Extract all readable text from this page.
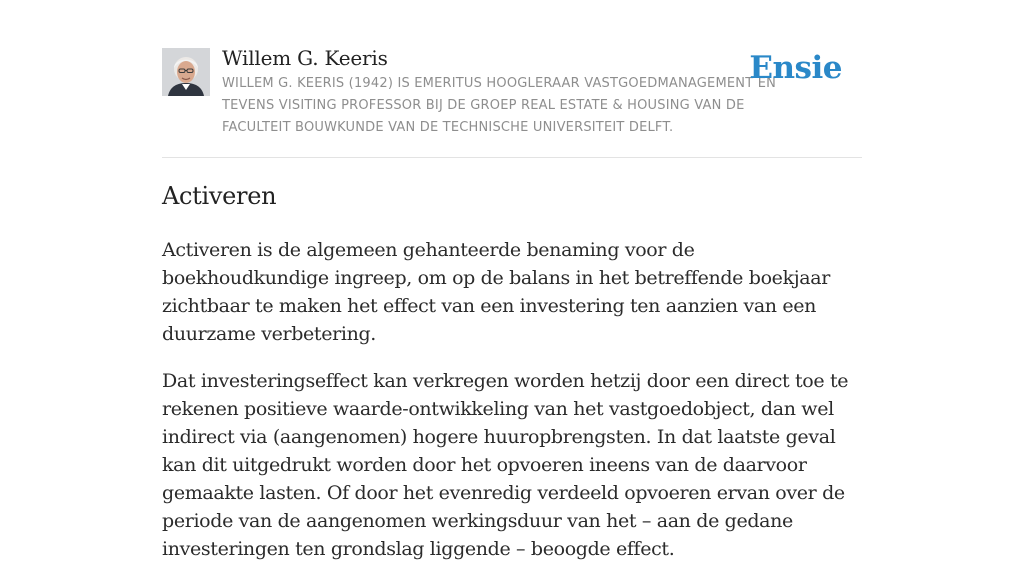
Willem G. Keeris

WILLEM G. KEERIS (1942) IS EMERITUS HOOGLERAAR VASTGOEDMANAGEMENT EN TEVENS VISITING PROFESSOR BIJ DE GROEP REAL ESTATE & HOUSING VAN DE FACULTEIT BOUWKUNDE VAN DE TECHNISCHE UNIVERSITEIT DELFT.

Ensie
Activeren

Activeren is de algemeen gehanteerde benaming voor de boekhoudkundige ingreep, om op de balans in het betreffende boekjaar zichtbaar te maken het effect van een investering ten aanzien van een duurzame verbetering.

Dat investeringseffect kan verkregen worden hetzij door een direct toe te rekenen positieve waarde-ontwikkeling van het vastgoedobject, dan wel indirect via (aangenomen) hogere huuropbrengsten. In dat laatste geval kan dit uitgedrukt worden door het opvoeren ineens van de daarvoor gemaakte lasten. Of door het evenredig verdeeld opvoeren ervan over de periode van de aangenomen werkingsduur van het – aan de gedane investeringen ten grondslag liggende – beoogde effect.
